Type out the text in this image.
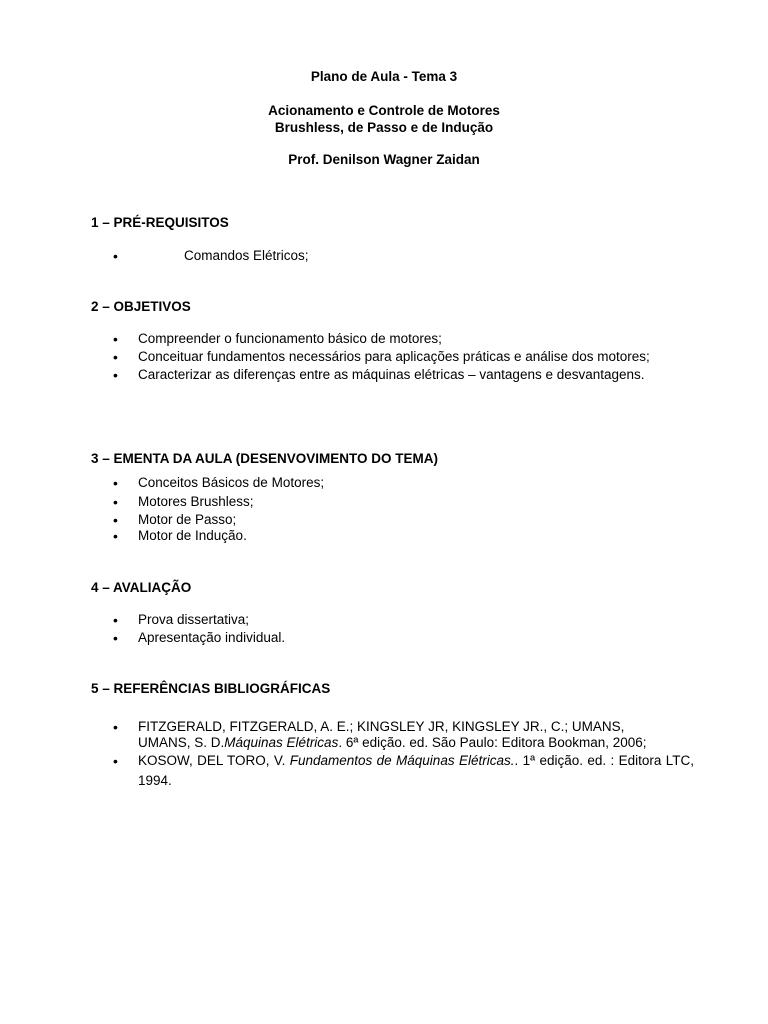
Plano de Aula - Tema 3

Acionamento e Controle de Motores

Brushless, de Passo e de Indução

Prof. Denilson Wagner Zaidan

1 – PRÉ-REQUISITOS

• Comandos Elétricos;

2 – OBJETIVOS

• Compreender o funcionamento básico de motores;
• Conceituar fundamentos necessários para aplicações práticas e análise dos motores;
• Caracterizar as diferenças entre as máquinas elétricas – vantagens e desvantagens.

3 – EMENTA DA AULA (DESENVOVIMENTO DO TEMA)

• Conceitos Básicos de Motores;
• Motores Brushless;
• Motor de Passo;
• Motor de Indução.

4 – AVALIAÇÃO

• Prova dissertativa;
• Apresentação individual.

5 – REFERÊNCIAS BIBLIOGRÁFICAS

• FITZGERALD, FITZGERALD, A. E.; KINGSLEY JR, KINGSLEY JR., C.; UMANS, UMANS, S. D.Máquinas Elétricas. 6ª edição. ed. São Paulo: Editora Bookman, 2006;
• KOSOW, DEL TORO, V. Fundamentos de Máquinas Elétricas.. 1ª edição. ed. : Editora LTC, 1994.
